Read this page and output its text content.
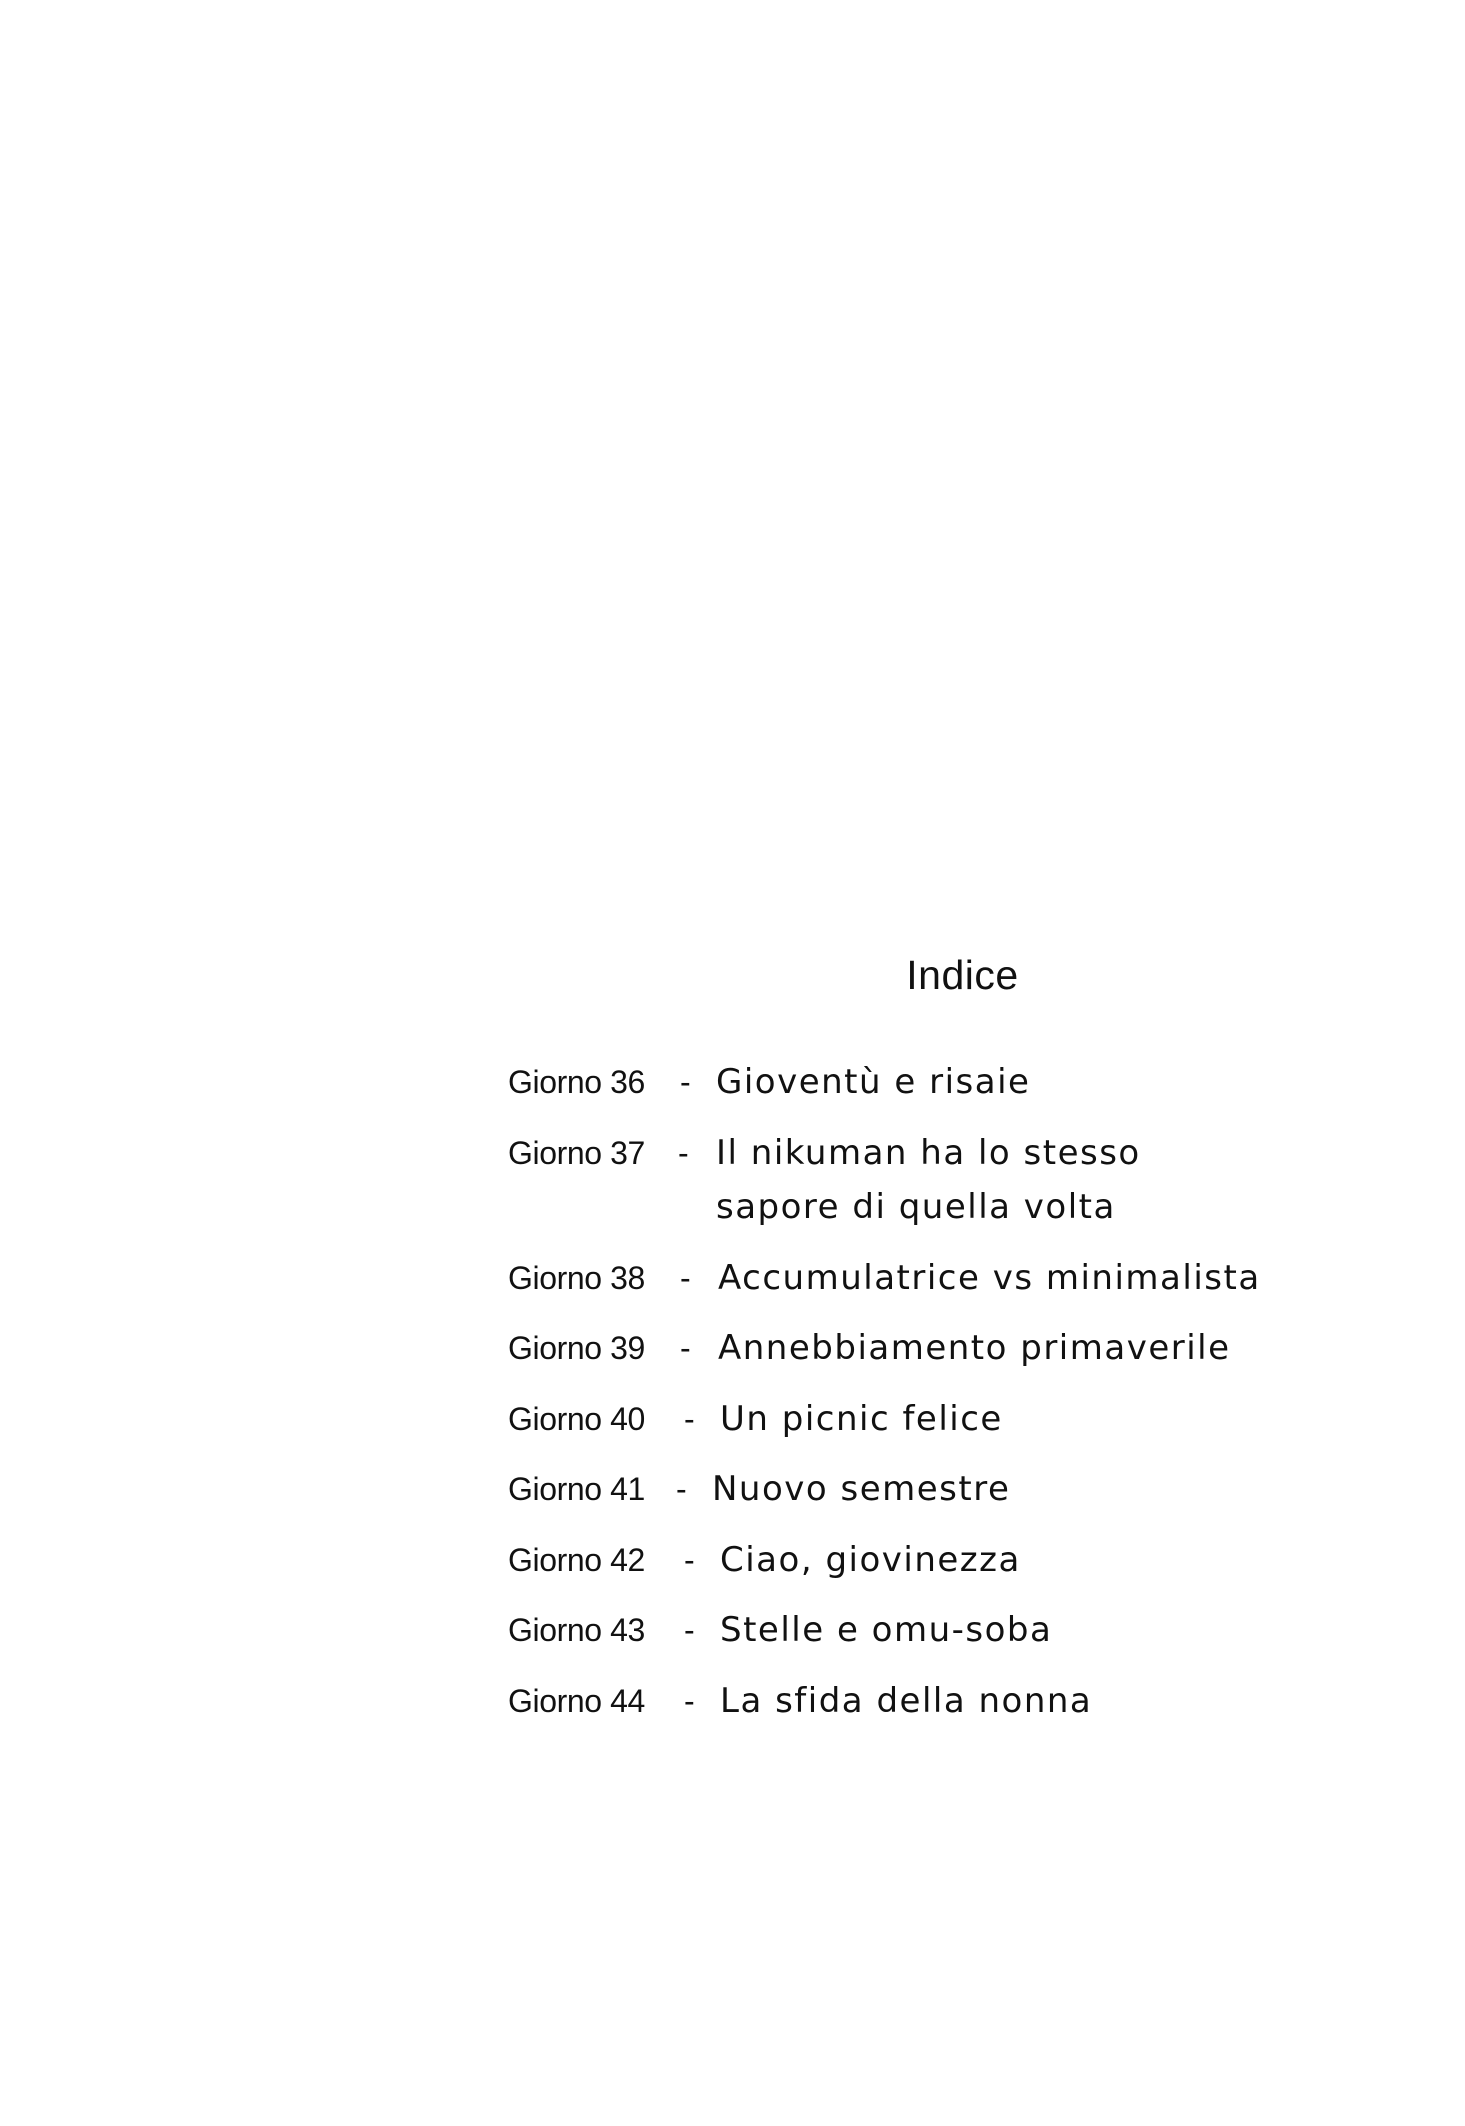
Indice
Giorno 36 - Gioventù e risaie
Giorno 37 - Il nikuman ha lo stesso
sapore di quella volta
Giorno 38 - Accumulatrice vs minimalista
Giorno 39 - Annebbiamento primaverile
Giorno 40 - Un picnic felice
Giorno 41 - Nuovo semestre
Giorno 42 - Ciao, giovinezza
Giorno 43 - Stelle e omu-soba
Giorno 44 - La sfida della nonna
